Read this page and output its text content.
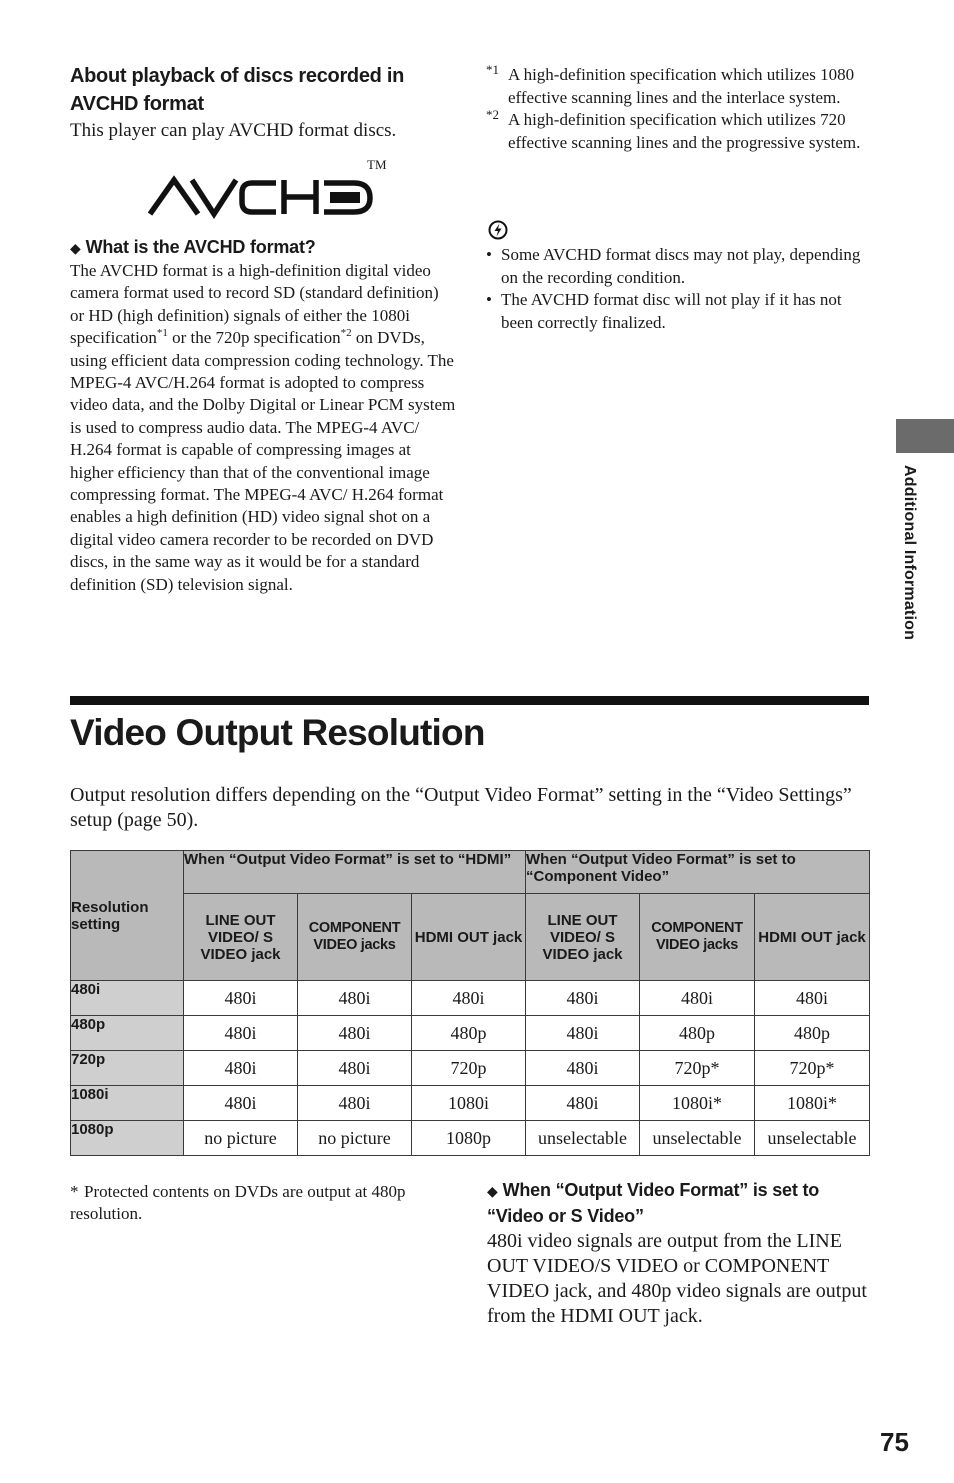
About playback of discs recorded in AVCHD format
This player can play AVCHD format discs.
TM
◆ What is the AVCHD format?
The AVCHD format is a high-definition digital video camera format used to record SD (standard definition) or HD (high definition) signals of either the 1080i specification$^{*1}$ or the 720p specification$^{*2}$ on DVDs, using efficient data compression coding technology. The MPEG-4 AVC/H.264 format is adopted to compress video data, and the Dolby Digital or Linear PCM system is used to compress audio data. The MPEG-4 AVC/ H.264 format is capable of compressing images at higher efficiency than that of the conventional image compressing format. The MPEG-4 AVC/ H.264 format enables a high definition (HD) video signal shot on a digital video camera recorder to be recorded on DVD discs, in the same way as it would be for a standard definition (SD) television signal.
*1 A high-definition specification which utilizes 1080 effective scanning lines and the interlace system.
*2 A high-definition specification which utilizes 720 effective scanning lines and the progressive system.
• Some AVCHD format discs may not play, depending on the recording condition.
• The AVCHD format disc will not play if it has not been correctly finalized.
Additional Information
Video Output Resolution
Output resolution differs depending on the “Output Video Format” setting in the “Video Settings” setup (page 50).
Resolution setting	When “Output Video Format” is set to “HDMI”			When “Output Video Format” is set to “Component Video”		
	LINE OUT VIDEO/ S VIDEO jack	COMPONENT VIDEO jacks	HDMI OUT jack	LINE OUT VIDEO/ S VIDEO jack	COMPONENT VIDEO jacks	HDMI OUT jack
480i	480i	480i	480i	480i	480i	480i
480p	480i	480i	480p	480i	480p	480p
720p	480i	480i	720p	480i	720p*	720p*
1080i	480i	480i	1080i	480i	1080i*	1080i*
1080p	no picture	no picture	1080p	unselectable	unselectable	unselectable
* Protected contents on DVDs are output at 480p resolution.
◆ When “Output Video Format” is set to “Video or S Video”
480i video signals are output from the LINE OUT VIDEO/S VIDEO or COMPONENT VIDEO jack, and 480p video signals are output from the HDMI OUT jack.
75
